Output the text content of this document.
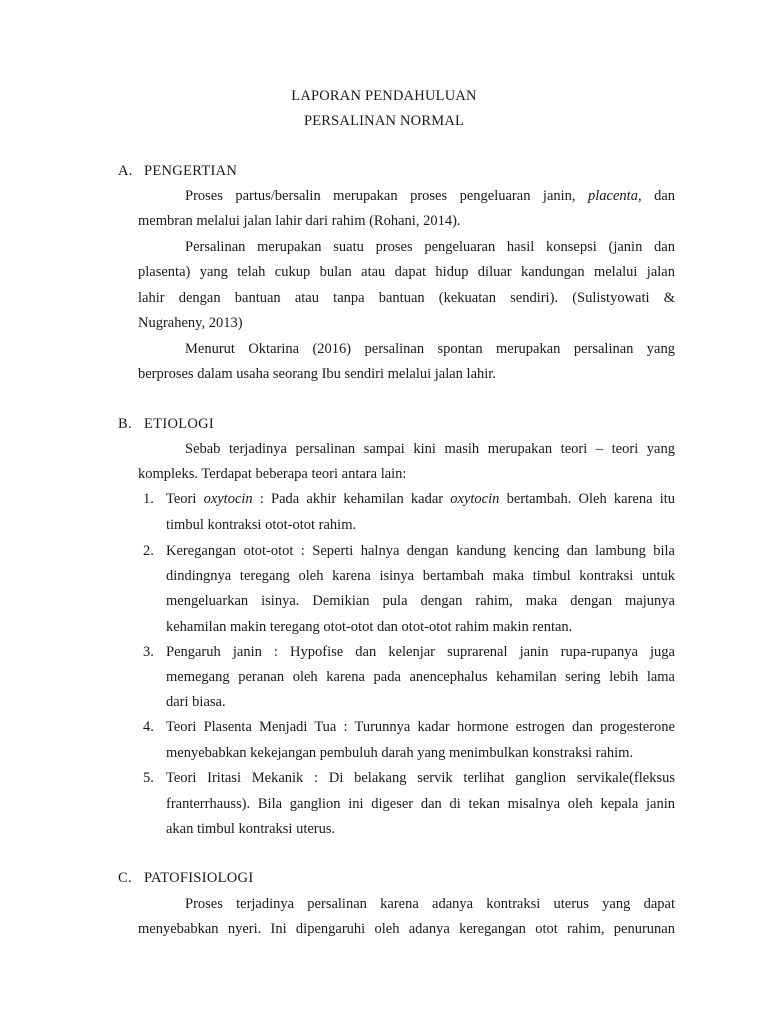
LAPORAN PENDAHULUAN
PERSALINAN NORMAL
A. PENGERTIAN
Proses partus/bersalin merupakan proses pengeluaran janin, placenta, dan
membran melalui jalan lahir dari rahim (Rohani, 2014).
Persalinan merupakan suatu proses pengeluaran hasil konsepsi (janin dan
plasenta) yang telah cukup bulan atau dapat hidup diluar kandungan melalui jalan
lahir dengan bantuan atau tanpa bantuan (kekuatan sendiri). (Sulistyowati &
Nugraheny, 2013)
Menurut Oktarina (2016) persalinan spontan merupakan persalinan yang
berproses dalam usaha seorang Ibu sendiri melalui jalan lahir.
B. ETIOLOGI
Sebab terjadinya persalinan sampai kini masih merupakan teori – teori yang
kompleks. Terdapat beberapa teori antara lain:
1. Teori oxytocin : Pada akhir kehamilan kadar oxytocin bertambah. Oleh karena itu
timbul kontraksi otot-otot rahim.
2. Keregangan otot-otot : Seperti halnya dengan kandung kencing dan lambung bila
dindingnya teregang oleh karena isinya bertambah maka timbul kontraksi untuk
mengeluarkan isinya. Demikian pula dengan rahim, maka dengan majunya
kehamilan makin teregang otot-otot dan otot-otot rahim makin rentan.
3. Pengaruh janin : Hypofise dan kelenjar suprarenal janin rupa-rupanya juga
memegang peranan oleh karena pada anencephalus kehamilan sering lebih lama
dari biasa.
4. Teori Plasenta Menjadi Tua : Turunnya kadar hormone estrogen dan progesterone
menyebabkan kekejangan pembuluh darah yang menimbulkan konstraksi rahim.
5. Teori Iritasi Mekanik : Di belakang servik terlihat ganglion servikale(fleksus
franterrhauss). Bila ganglion ini digeser dan di tekan misalnya oleh kepala janin
akan timbul kontraksi uterus.
C. PATOFISIOLOGI
Proses terjadinya persalinan karena adanya kontraksi uterus yang dapat
menyebabkan nyeri. Ini dipengaruhi oleh adanya keregangan otot rahim, penurunan
